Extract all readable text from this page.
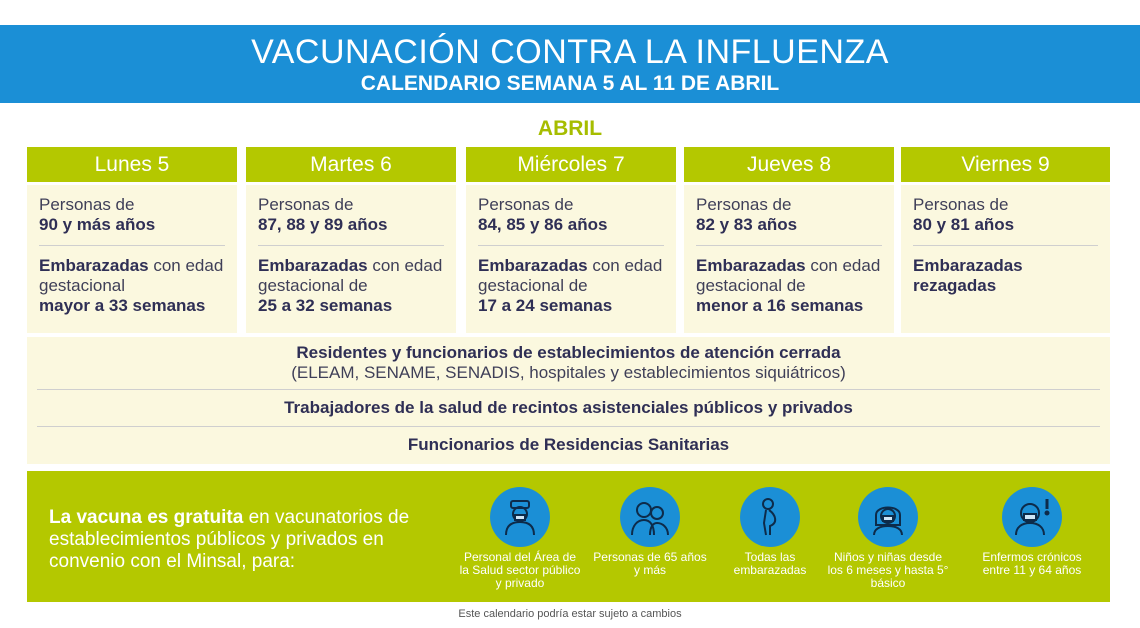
VACUNACIÓN CONTRA LA INFLUENZA
CALENDARIO SEMANA 5 AL 11 DE ABRIL
ABRIL
Lunes 5
Personas de
90 y más años
Embarazadas con edad gestacional
mayor a 33 semanas
Martes 6
Personas de
87, 88 y 89 años
Embarazadas con edad gestacional de
25 a 32 semanas
Miércoles 7
Personas de
84, 85 y 86 años
Embarazadas con edad gestacional de
17 a 24 semanas
Jueves 8
Personas de
82 y 83 años
Embarazadas con edad gestacional de
menor a 16 semanas
Viernes 9
Personas de
80 y 81 años
Embarazadas
rezagadas
Residentes y funcionarios de establecimientos de atención cerrada
(ELEAM, SENAME, SENADIS, hospitales y establecimientos siquiátricos)
Trabajadores de la salud de recintos asistenciales públicos y privados
Funcionarios de Residencias Sanitarias
La vacuna es gratuita en vacunatorios de establecimientos públicos y privados en convenio con el Minsal, para:	Personal del Área de la Salud sector público y privado
Personas de 65 años y más
Todas las embarazadas
Niños y niñas desde los 6 meses y hasta 5° básico
Enfermos crónicos entre 11 y 64 años
Este calendario podría estar sujeto a cambios
